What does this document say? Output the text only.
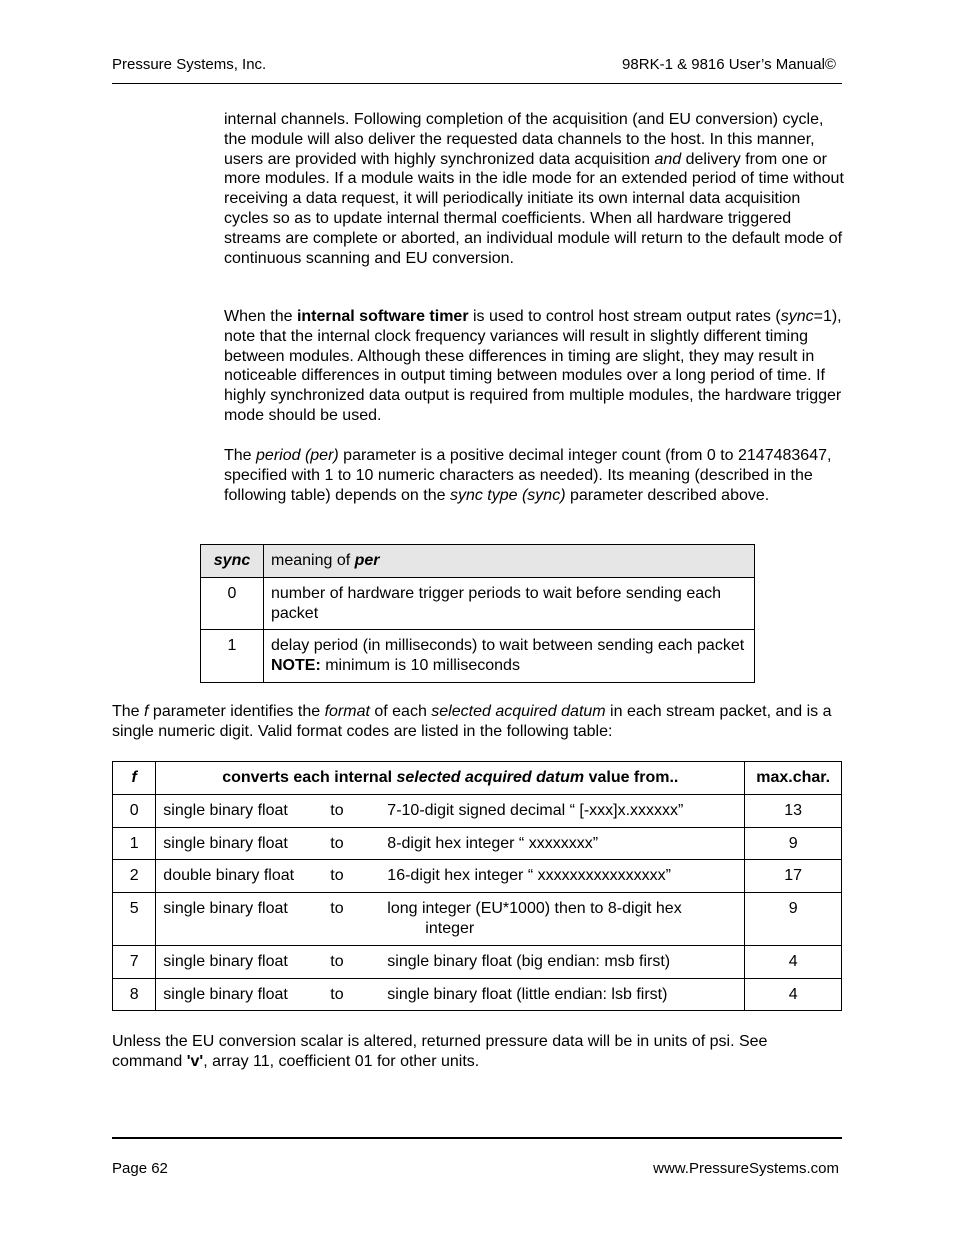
Pressure Systems, Inc.	98RK-1 & 9816 User’s Manual©
internal channels. Following completion of the acquisition (and EU conversion) cycle, the module will also deliver the requested data channels to the host. In this manner, users are provided with highly synchronized data acquisition and delivery from one or more modules. If a module waits in the idle mode for an extended period of time without receiving a data request, it will periodically initiate its own internal data acquisition cycles so as to update internal thermal coefficients. When all hardware triggered streams are complete or aborted, an individual module will return to the default mode of continuous scanning and EU conversion.
When the internal software timer is used to control host stream output rates (sync=1), note that the internal clock frequency variances will result in slightly different timing between modules. Although these differences in timing are slight, they may result in noticeable differences in output timing between modules over a long period of time. If highly synchronized data output is required from multiple modules, the hardware trigger mode should be used.
The period (per) parameter is a positive decimal integer count (from 0 to 2147483647, specified with 1 to 10 numeric characters as needed). Its meaning (described in the following table) depends on the sync type (sync) parameter described above.
sync	meaning of per
0	number of hardware trigger periods to wait before sending each packet
1	delay period (in milliseconds) to wait between sending each packet NOTE: minimum is 10 milliseconds
The f parameter identifies the format of each selected acquired datum in each stream packet, and is a single numeric digit. Valid format codes are listed in the following table:
f	converts each internal selected acquired datum value from..	max.char.
0	single binary float to 7-10-digit signed decimal “ [-xxx]x.xxxxxx”	13
1	single binary float to 8-digit hex integer “ xxxxxxxx”	9
2	double binary float to 16-digit hex integer “ xxxxxxxxxxxxxxxx”	17
5	single binary float to long integer (EU*1000) then to 8-digit hex
integer	9
7	single binary float to single binary float (big endian: msb first)	4
8	single binary float to single binary float (little endian: lsb first)	4
Unless the EU conversion scalar is altered, returned pressure data will be in units of psi. See command 'v', array 11, coefficient 01 for other units.
Page 62	www.PressureSystems.com
